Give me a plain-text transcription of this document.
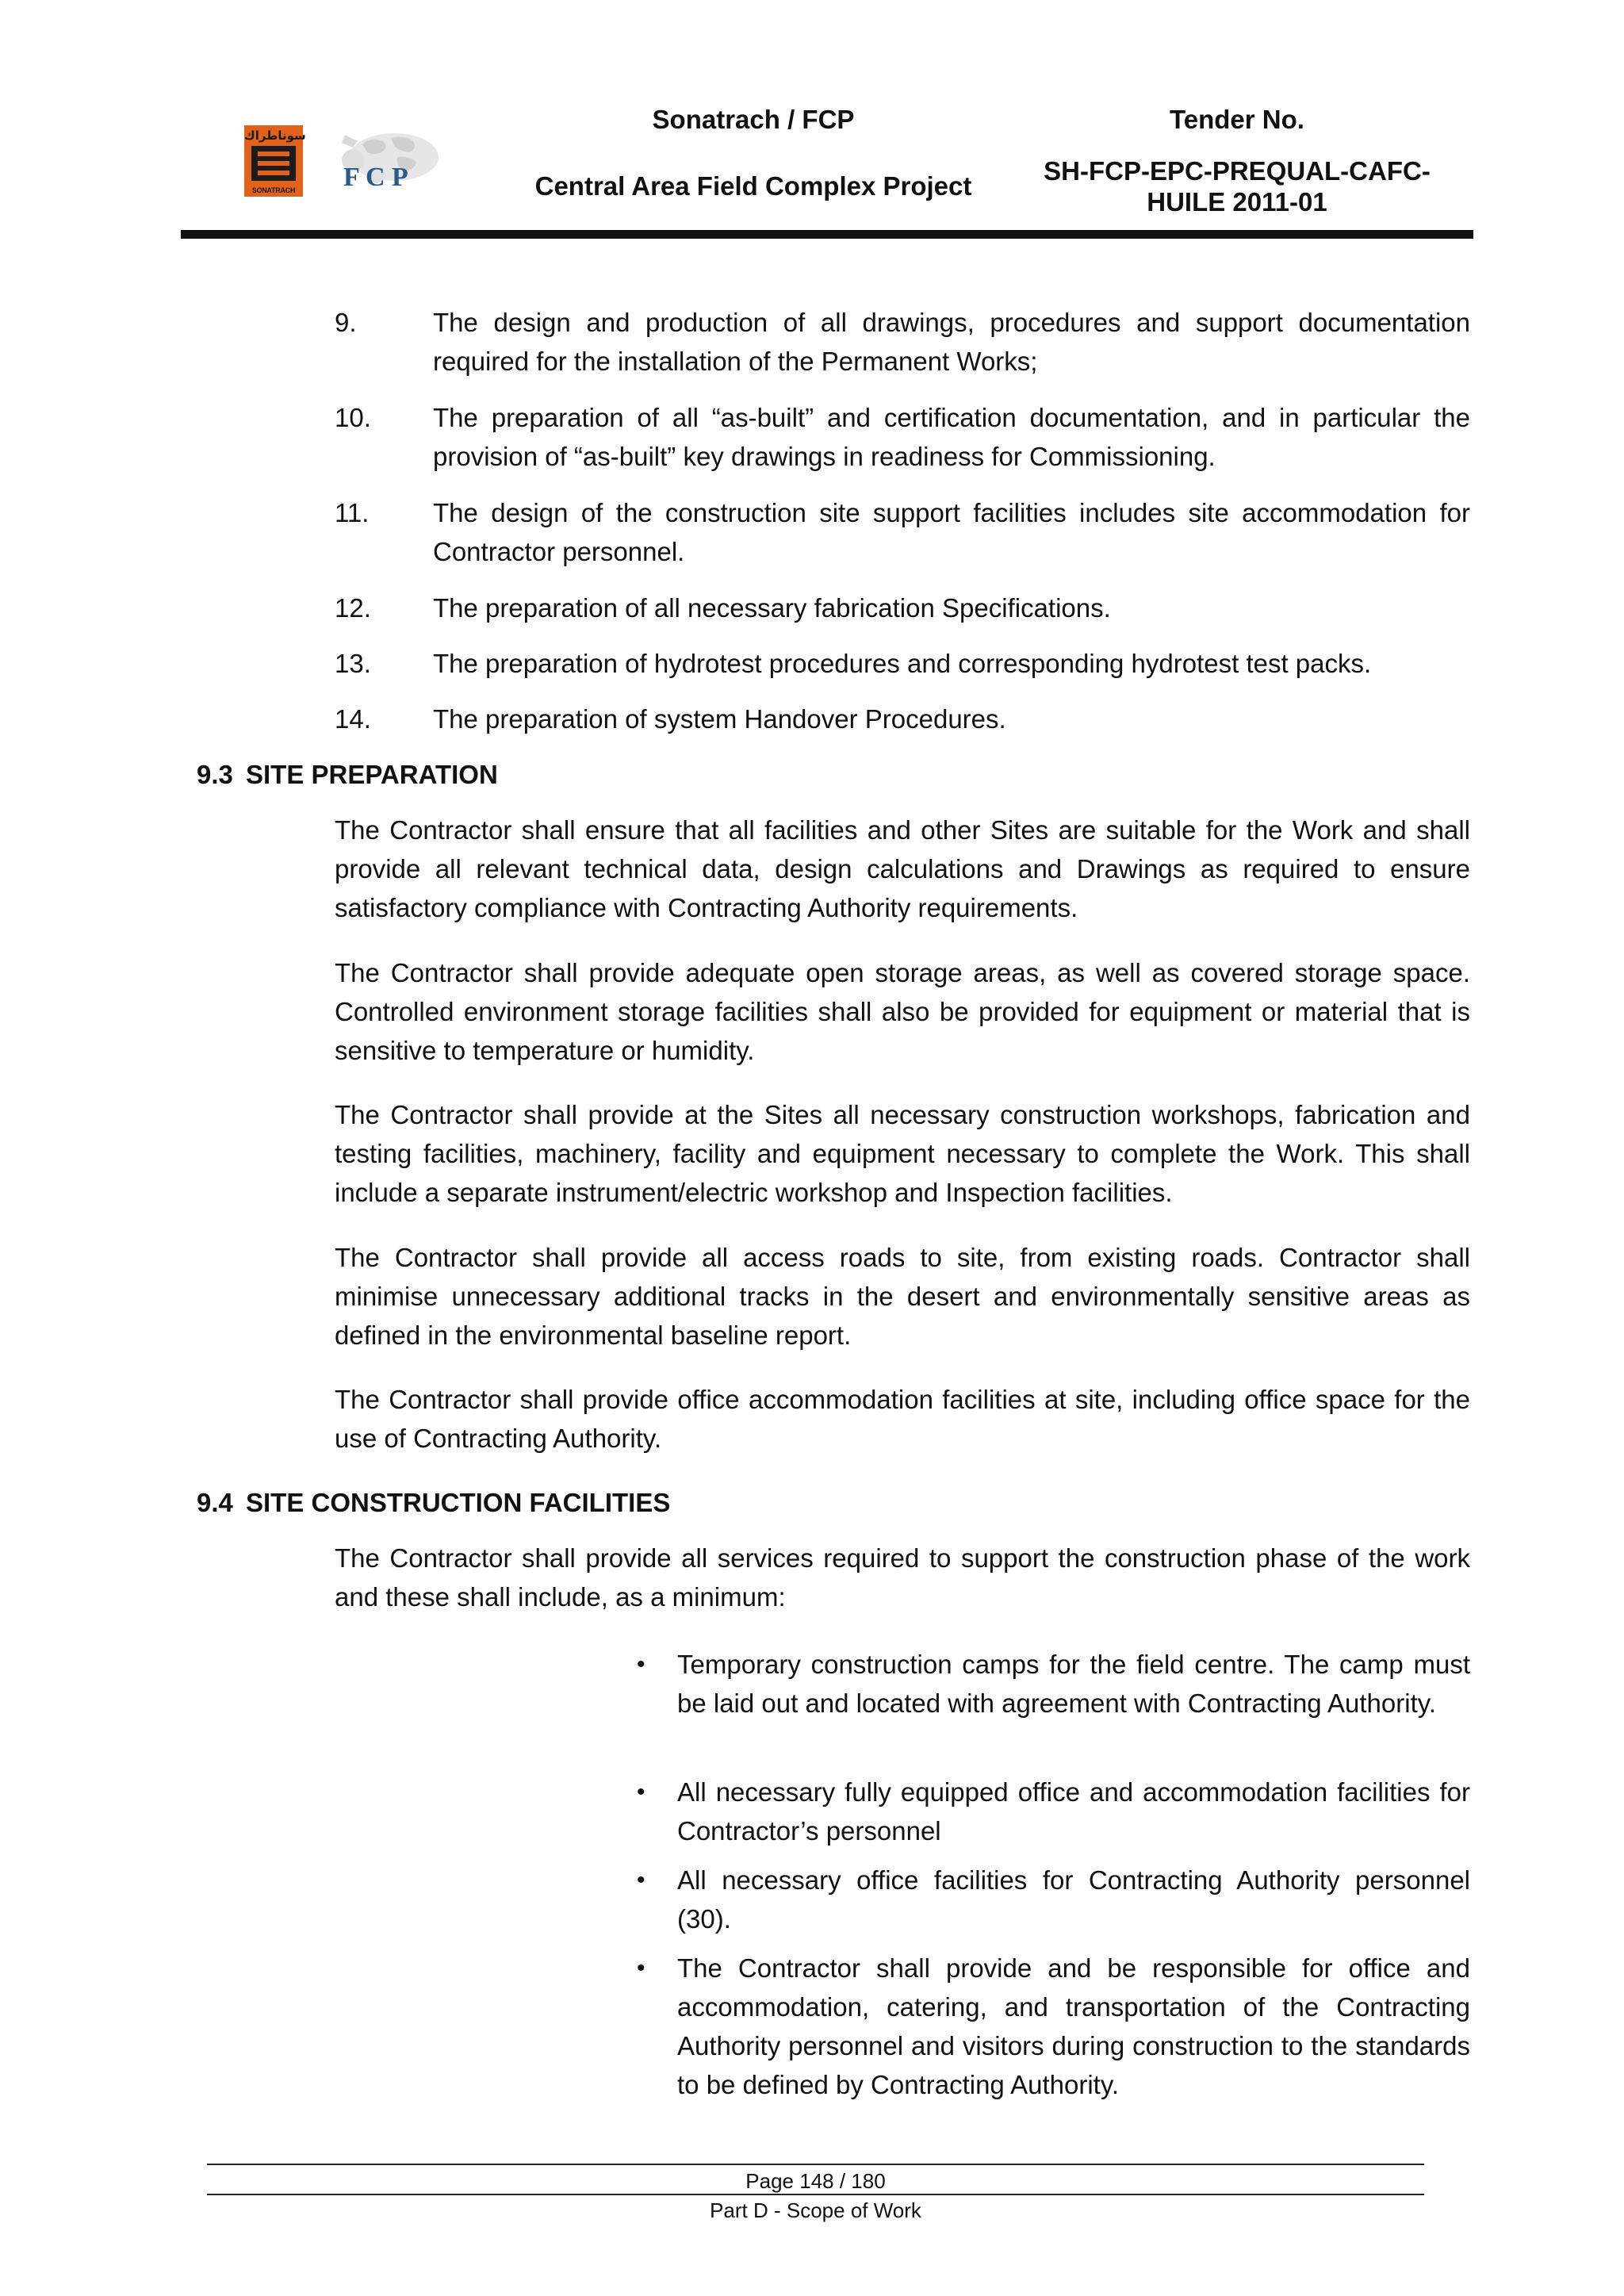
سوناطراك
SONATRACH F C P
Sonatrach / FCP
Central Area Field Complex Project
Tender No.
SH-FCP-EPC-PREQUAL-CAFC-
HUILE 2011-01
9.	The design and production of all drawings, procedures and support documentation required for the installation of the Permanent Works;
10. The preparation of all “as-built” and certification documentation, and in particular the provision of “as-built” key drawings in readiness for Commissioning.
11. The design of the construction site support facilities includes site accommodation for Contractor personnel.
12. The preparation of all necessary fabrication Specifications.
13. The preparation of hydrotest procedures and corresponding hydrotest test packs.
14. The preparation of system Handover Procedures.
9.3 SITE PREPARATION
The Contractor shall ensure that all facilities and other Sites are suitable for the Work and shall provide all relevant technical data, design calculations and Drawings as required to ensure satisfactory compliance with Contracting Authority requirements.
The Contractor shall provide adequate open storage areas, as well as covered storage space. Controlled environment storage facilities shall also be provided for equipment or material that is sensitive to temperature or humidity.
The Contractor shall provide at the Sites all necessary construction workshops, fabrication and testing facilities, machinery, facility and equipment necessary to complete the Work. This shall include a separate instrument/electric workshop and Inspection facilities.
The Contractor shall provide all access roads to site, from existing roads. Contractor shall minimise unnecessary additional tracks in the desert and environmentally sensitive areas as defined in the environmental baseline report.
The Contractor shall provide office accommodation facilities at site, including office space for the use of Contracting Authority.
9.4 SITE CONSTRUCTION FACILITIES
The Contractor shall provide all services required to support the construction phase of the work and these shall include, as a minimum:
• Temporary construction camps for the field centre. The camp must be laid out and located with agreement with Contracting Authority.
• All necessary fully equipped office and accommodation facilities for Contractor’s personnel
• All necessary office facilities for Contracting Authority personnel (30).
• The Contractor shall provide and be responsible for office and accommodation, catering, and transportation of the Contracting Authority personnel and visitors during construction to the standards to be defined by Contracting Authority.
Page 148 / 180
Part D - Scope of Work
